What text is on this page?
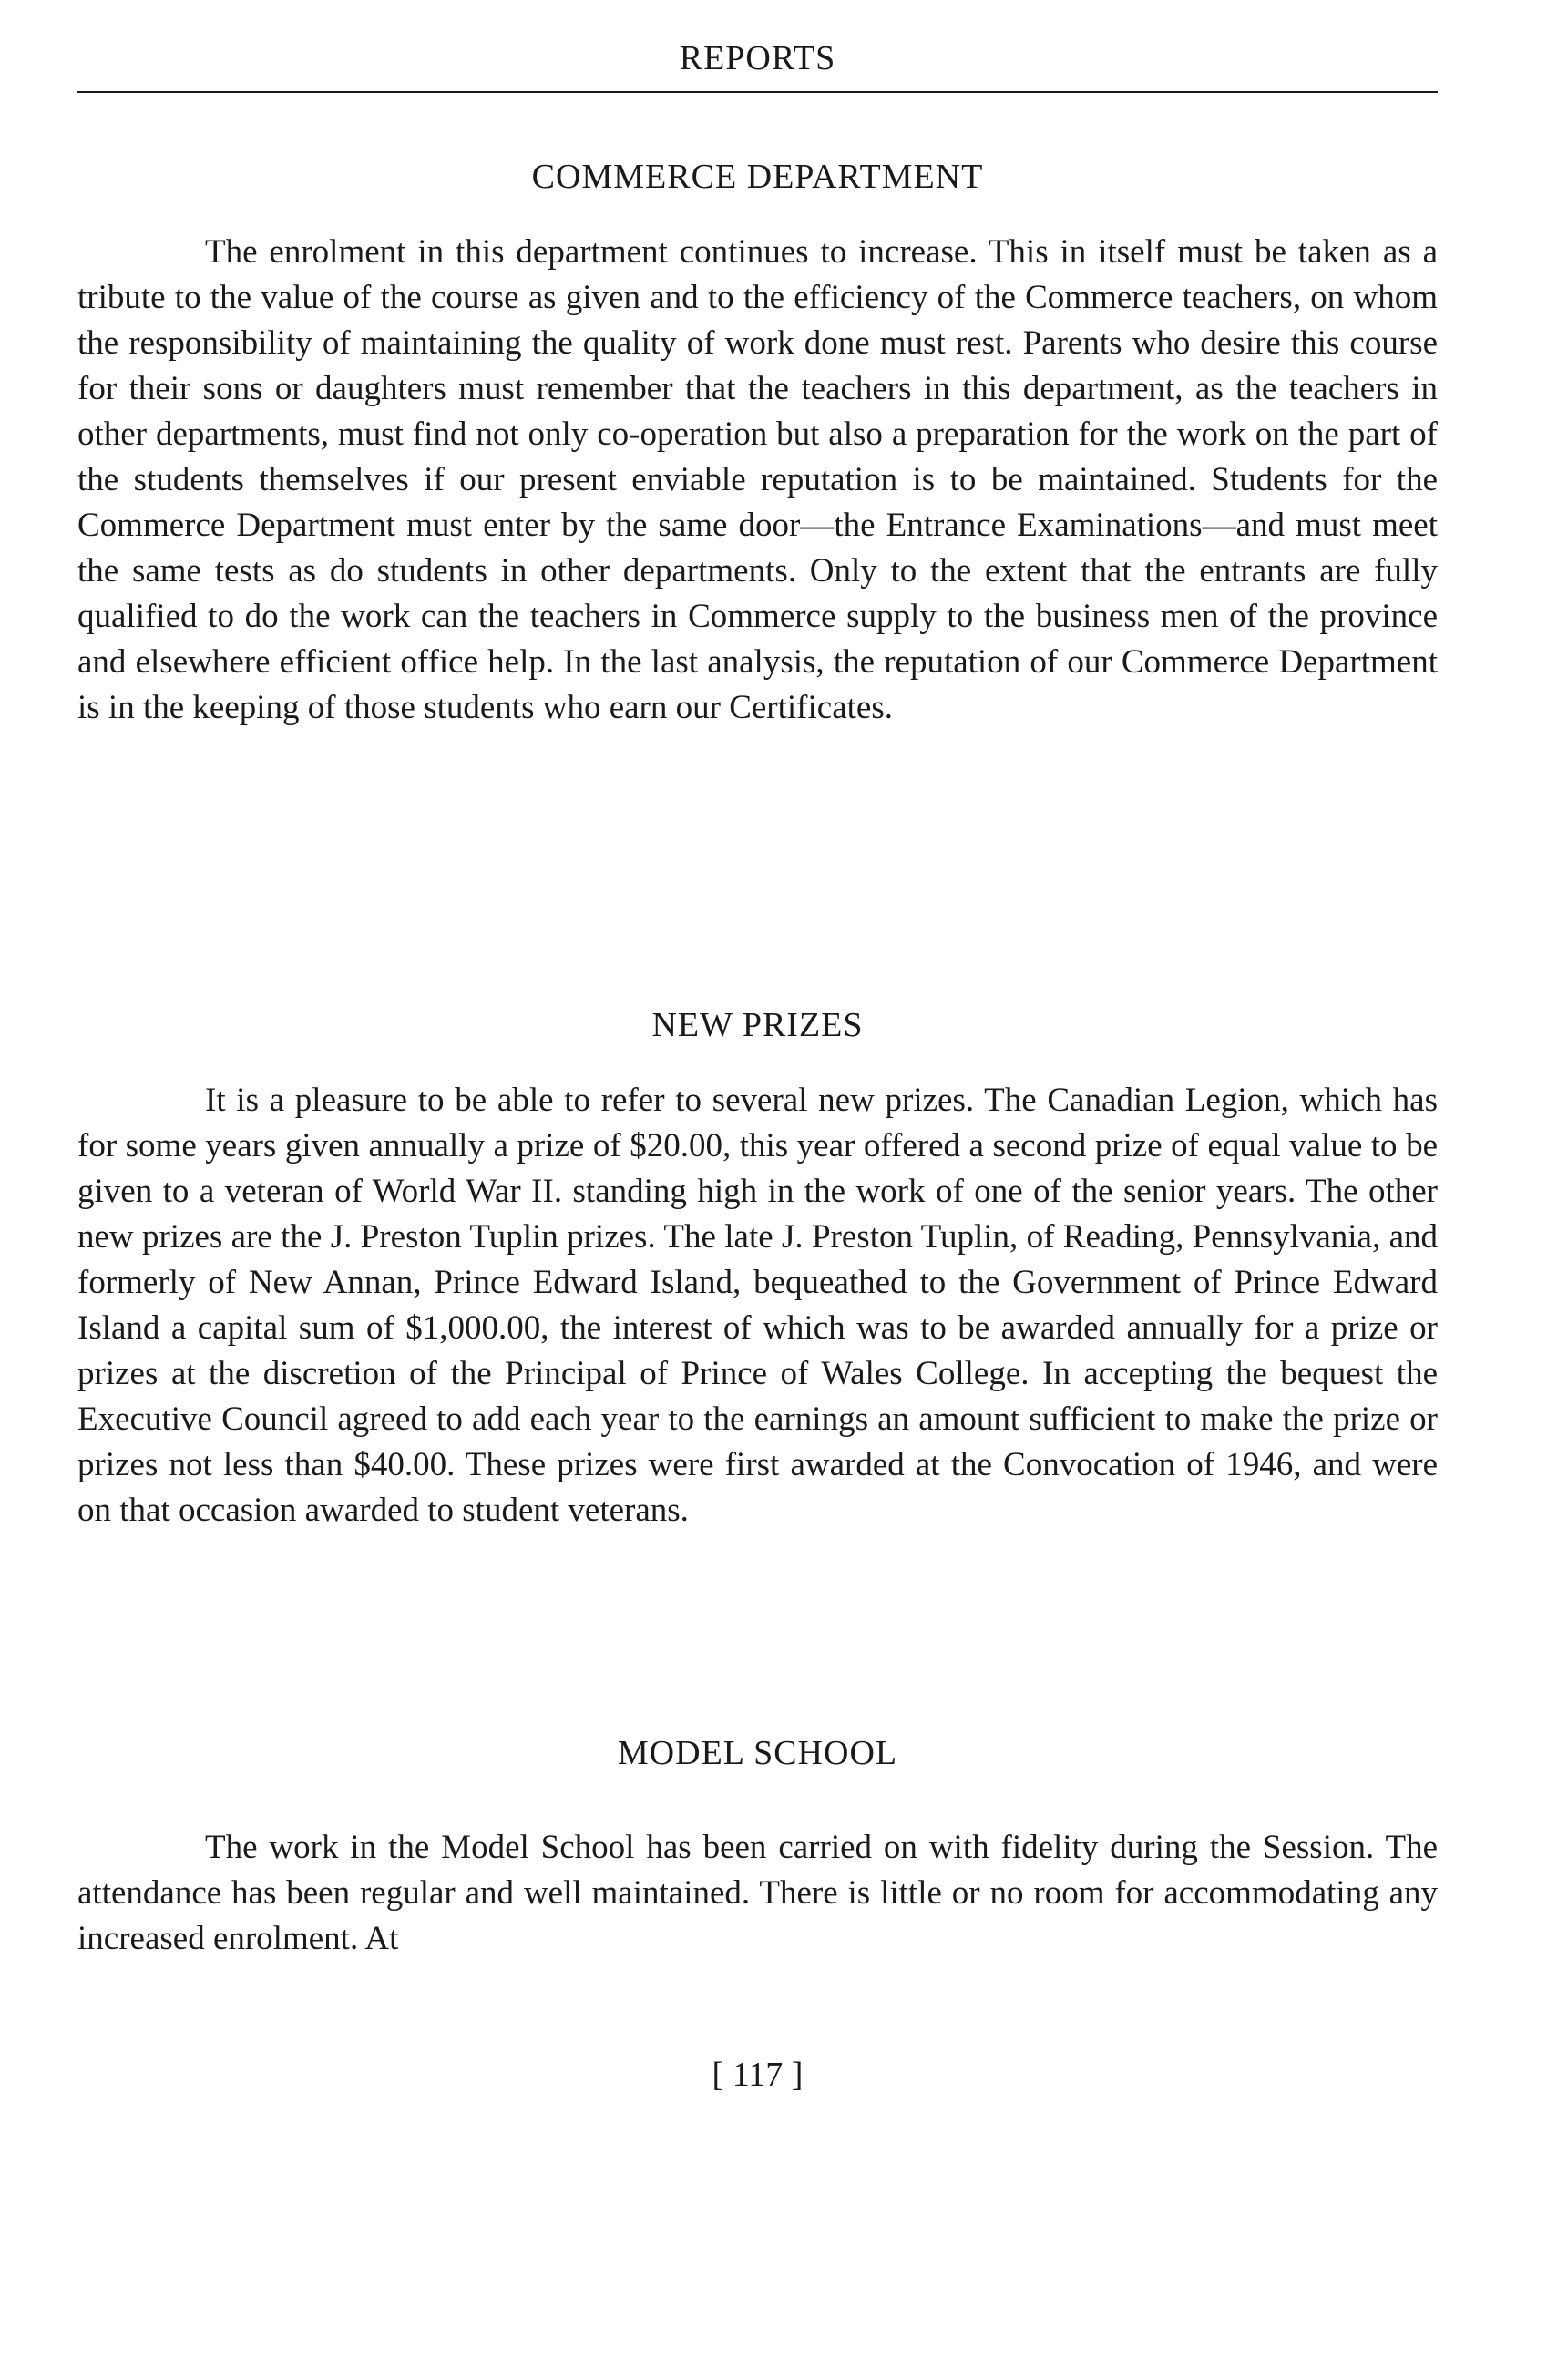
REPORTS
COMMERCE DEPARTMENT

The enrolment in this department continues to increase. This in itself must be taken as a tribute to the value of the course as given and to the efficiency of the Commerce teachers, on whom the responsibility of maintaining the quality of work done must rest. Parents who desire this course for their sons or daughters must remember that the teachers in this department, as the teachers in other departments, must find not only co-operation but also a preparation for the work on the part of the students themselves if our present enviable reputation is to be maintained. Students for the Commerce Department must enter by the same door—the Entrance Examinations—and must meet the same tests as do students in other departments. Only to the extent that the entrants are fully qualified to do the work can the teachers in Commerce supply to the business men of the province and elsewhere efficient office help. In the last analysis, the reputation of our Commerce Department is in the keeping of those students who earn our Certificates.

NEW PRIZES

It is a pleasure to be able to refer to several new prizes. The Canadian Legion, which has for some years given annually a prize of $20.00, this year offered a second prize of equal value to be given to a veteran of World War II. standing high in the work of one of the senior years. The other new prizes are the J. Preston Tuplin prizes. The late J. Preston Tuplin, of Reading, Pennsylvania, and formerly of New Annan, Prince Edward Island, bequeathed to the Government of Prince Edward Island a capital sum of $1,000.00, the interest of which was to be awarded annually for a prize or prizes at the discretion of the Principal of Prince of Wales College. In accepting the bequest the Executive Council agreed to add each year to the earnings an amount sufficient to make the prize or prizes not less than $40.00. These prizes were first awarded at the Convocation of 1946, and were on that occasion awarded to student veterans.

MODEL SCHOOL

The work in the Model School has been carried on with fidelity during the Session. The attendance has been regular and well maintained. There is little or no room for accommodating any increased enrolment. At

[ 117 ]
